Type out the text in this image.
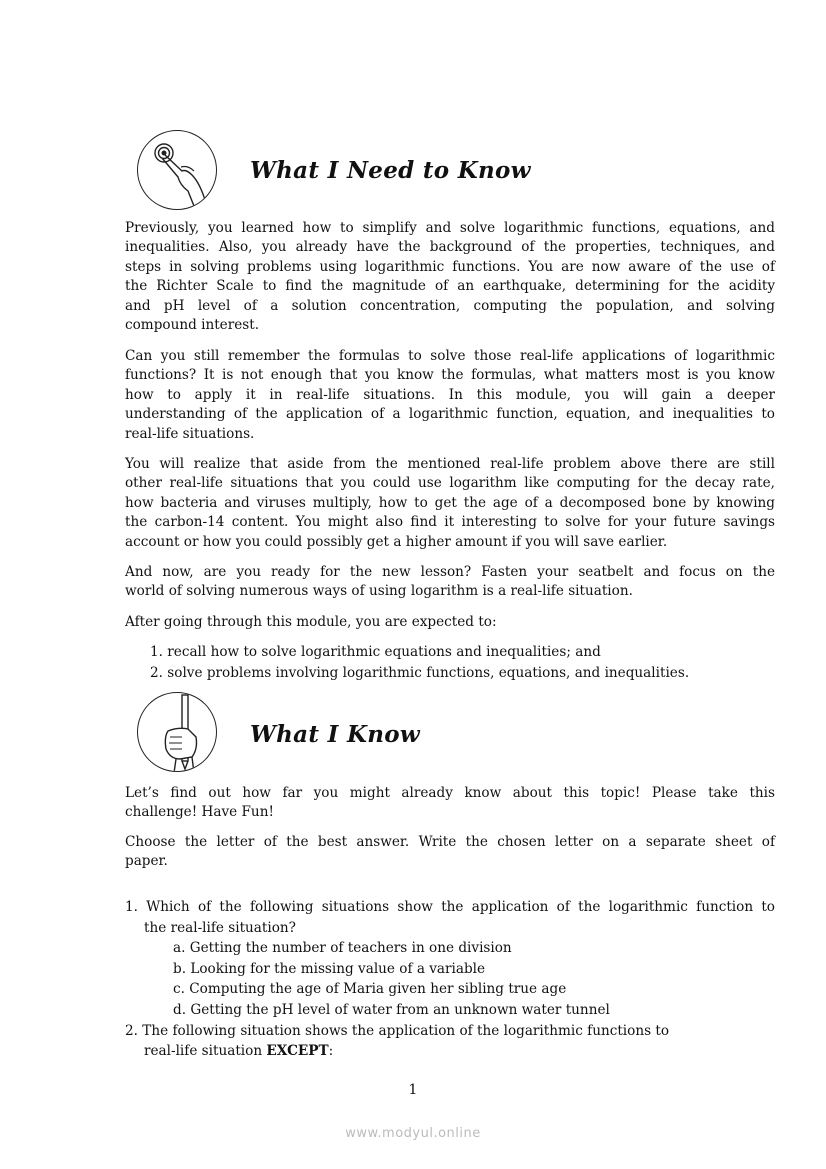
What I Need to Know
Previously, you learned how to simplify and solve logarithmic functions, equations, and
inequalities. Also, you already have the background of the properties, techniques, and
steps in solving problems using logarithmic functions. You are now aware of the use of
the Richter Scale to find the magnitude of an earthquake, determining for the acidity
and pH level of a solution concentration, computing the population, and solving
compound interest.
Can you still remember the formulas to solve those real-life applications of logarithmic
functions? It is not enough that you know the formulas, what matters most is you know
how to apply it in real-life situations. In this module, you will gain a deeper
understanding of the application of a logarithmic function, equation, and inequalities to
real-life situations.
You will realize that aside from the mentioned real-life problem above there are still
other real-life situations that you could use logarithm like computing for the decay rate,
how bacteria and viruses multiply, how to get the age of a decomposed bone by knowing
the carbon-14 content. You might also find it interesting to solve for your future savings
account or how you could possibly get a higher amount if you will save earlier.
And now, are you ready for the new lesson? Fasten your seatbelt and focus on the
world of solving numerous ways of using logarithm is a real-life situation.
After going through this module, you are expected to:
1. recall how to solve logarithmic equations and inequalities; and
2. solve problems involving logarithmic functions, equations, and inequalities.
What I Know
Let’s find out how far you might already know about this topic! Please take this
challenge! Have Fun!
Choose the letter of the best answer. Write the chosen letter on a separate sheet of
paper.
1. Which of the following situations show the application of the logarithmic function to
the real-life situation?
a. Getting the number of teachers in one division
b. Looking for the missing value of a variable
c. Computing the age of Maria given her sibling true age
d. Getting the pH level of water from an unknown water tunnel
2. The following situation shows the application of the logarithmic functions to
real-life situation EXCEPT:
1
www.modyul.online
